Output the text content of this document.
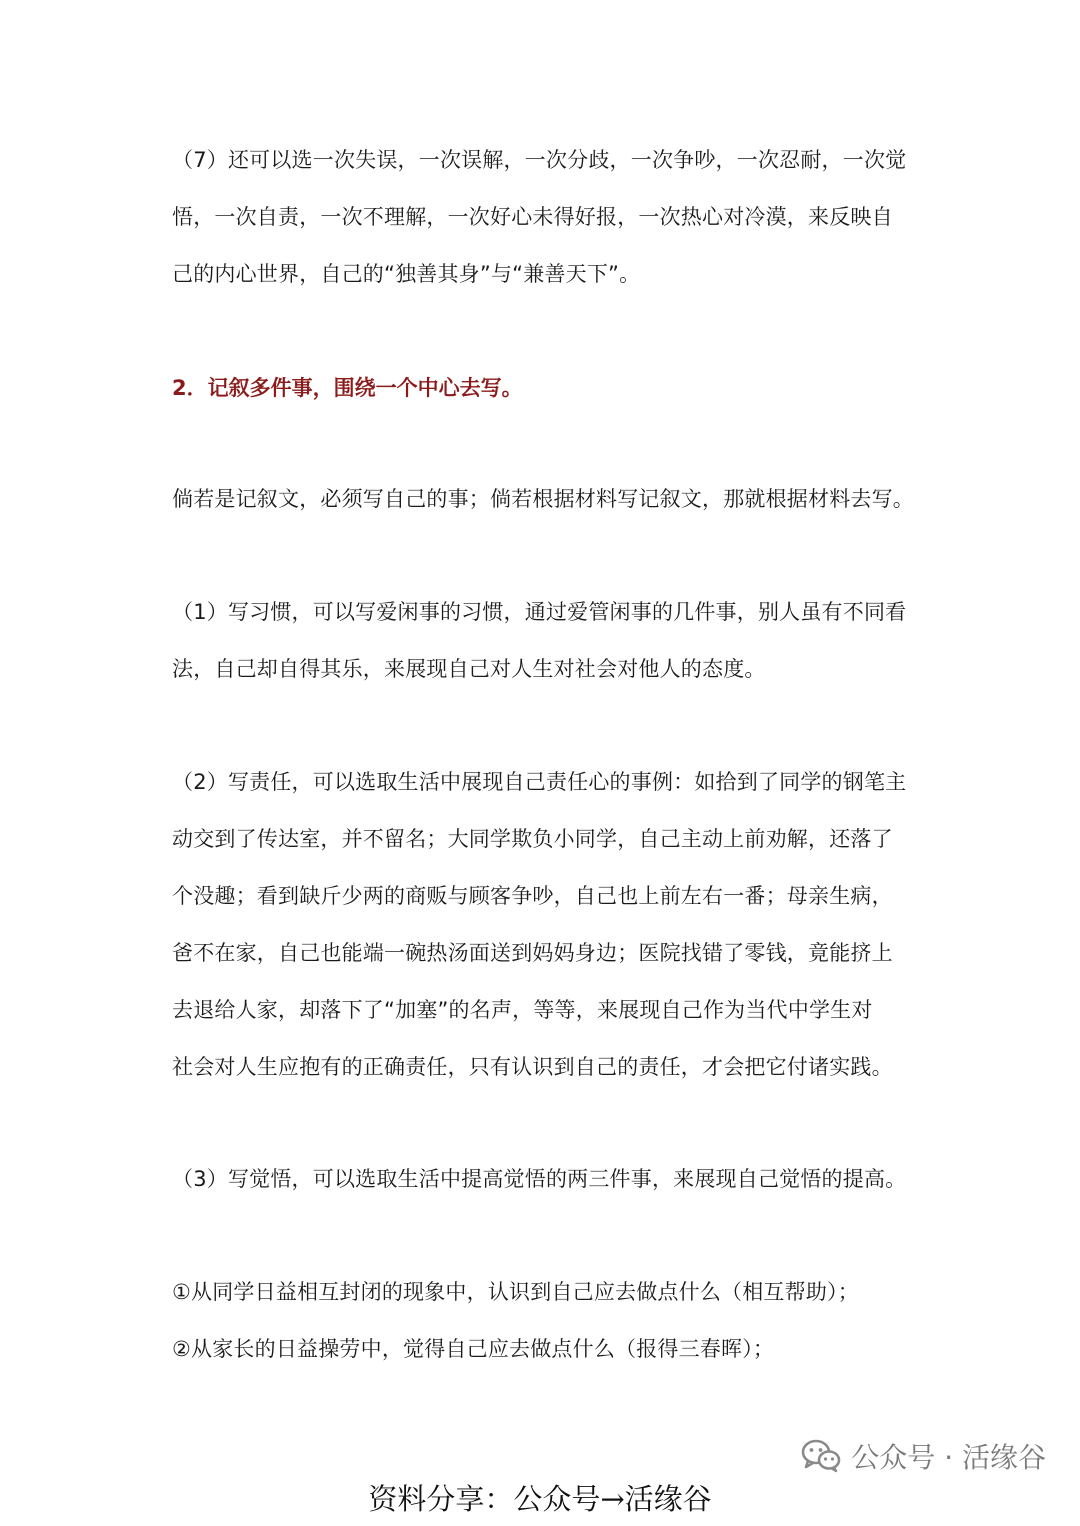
（7）还可以选一次失误，一次误解，一次分歧，一次争吵，一次忍耐，一次觉
悟，一次自责，一次不理解，一次好心未得好报，一次热心对冷漠，来反映自
己的内心世界，自己的“独善其身”与“兼善天下”。

2．记叙多件事，围绕一个中心去写。

倘若是记叙文，必须写自己的事；倘若根据材料写记叙文，那就根据材料去写。

（1）写习惯，可以写爱闲事的习惯，通过爱管闲事的几件事，别人虽有不同看
法，自己却自得其乐，来展现自己对人生对社会对他人的态度。

（2）写责任，可以选取生活中展现自己责任心的事例：如拾到了同学的钢笔主
动交到了传达室，并不留名；大同学欺负小同学，自己主动上前劝解，还落了
个没趣；看到缺斤少两的商贩与顾客争吵，自己也上前左右一番；母亲生病，
爸不在家，自己也能端一碗热汤面送到妈妈身边；医院找错了零钱，竟能挤上
去退给人家，却落下了“加塞”的名声，等等，来展现自己作为当代中学生对
社会对人生应抱有的正确责任，只有认识到自己的责任，才会把它付诸实践。

（3）写觉悟，可以选取生活中提高觉悟的两三件事，来展现自己觉悟的提高。

①从同学日益相互封闭的现象中，认识到自己应去做点什么（相互帮助）；
②从家长的日益操劳中，觉得自己应去做点什么（报得三春晖）；

公众号 · 活缘谷
资料分享：公众号→活缘谷
